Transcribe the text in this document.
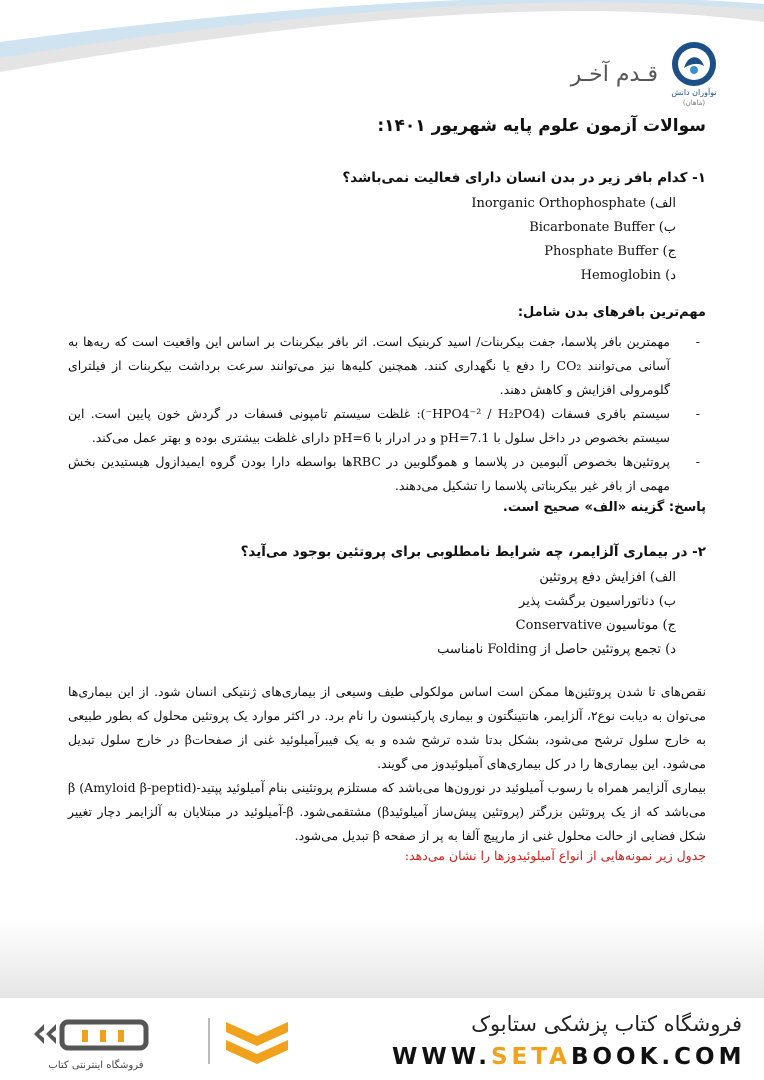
نوآوران دانش
(ماهان)
قـدم آخـر
سوالات آزمون علوم پایه شهریور ۱۴۰۱:

۱- کدام بافر زیر در بدن انسان دارای فعالیت نمی‌باشد؟

الف) Inorganic Orthophosphate

ب) Bicarbonate Buffer

ج) Phosphate Buffer

د) Hemoglobin

مهم‌ترین بافرهای بدن شامل:

- مهمترین بافر پلاسما، جفت بیکربنات/ اسید کربنیک است. اثر بافر بیکربنات بر اساس این واقعیت است که ریه‌ها به آسانی می‌توانند CO₂ را دفع یا نگهداری کنند. همچنین کلیه‌ها نیز می‌توانند سرعت برداشت بیکربنات از فیلترای گلومرولی افزایش و کاهش دهند.
- سیستم بافری فسفات (HPO4⁻² / H₂PO4⁻): غلظت سیستم تامپونی فسفات در گردش خون پایین است. این سیستم بخصوص در داخل سلول با pH=7.1 و در ادرار با pH=6 دارای غلظت بیشتری بوده و بهتر عمل می‌کند.
- پروتئین‌ها بخصوص آلبومین در پلاسما و هموگلوبین در RBCها بواسطه دارا بودن گروه ایمیدازول هیستیدین بخش مهمی از بافر غیر بیکربناتی پلاسما را تشکیل می‌دهند.

پاسخ: گزینه «الف» صحیح است.

۲- در بیماری آلزایمر، چه شرایط نامطلوبی برای پروتئین بوجود می‌آید؟

الف) افزایش دفع پروتئین

ب) دناتوراسیون برگشت پذیر

ج) موتاسیون Conservative

د) تجمع پروتئین حاصل از Folding نامناسب

نقص‌های تا شدن پروتئین‌ها ممکن است اساس مولکولی طیف وسیعی از بیماری‌های ژنتیکی انسان شود. از این بیماری‌ها می‌توان به دیابت نوع۲، آلزایمر، هانتینگتون و بیماری پارکینسون را نام برد. در اکثر موارد یک پروتئین محلول که بطور طبیعی به خارج سلول ترشح می‌شود، بشکل بدتا شده ترشح شده و به یک فیبرآمیلوئید غنی از صفحاتβ در خارج سلول تبدیل می‌شود. این بیماری‌ها را در کل بیماری‌های آمیلوئیدوز می گویند.

بیماری آلزایمر همراه با رسوب آمیلوئید در نورون‌ها می‌باشد که مستلزم پروتئینی بنام آمیلوئید پپتید-β (Amyloid β-peptid) می‌باشد که از یک پروتئین بزرگتر (پروتئین پیش‌ساز آمیلوئیدβ) مشتقمی‌شود. β-آمیلوئید در مبتلایان به آلزایمر دچار تغییر شکل فضایی از حالت محلول غنی از مارپیچ آلفا به پر از صفحه β تبدیل می‌شود.

جدول زیر نمونه‌هایی از انواع آمیلوئیدوزها را نشان می‌دهد:

فروشگاه کتاب پزشکی ستابوک
WWW.SETABOOK.COM
فروشگاه اینترنتی کتاب
